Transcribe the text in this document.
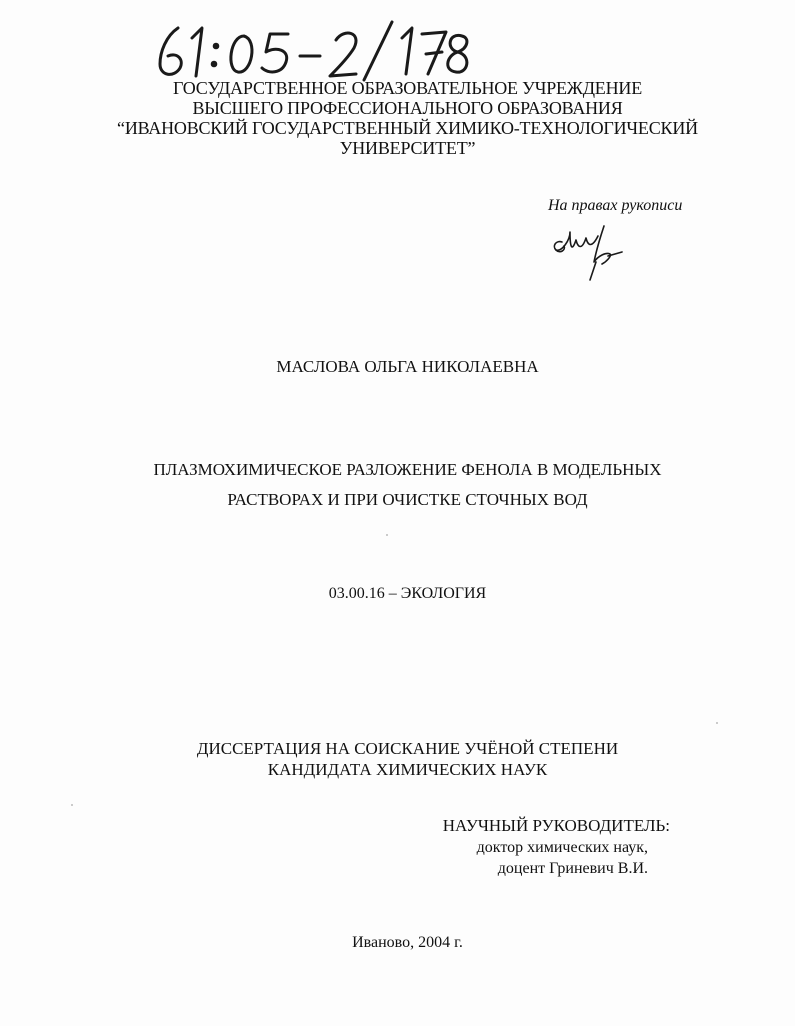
ГОСУДАРСТВЕННОЕ ОБРАЗОВАТЕЛЬНОЕ УЧРЕЖДЕНИЕ
ВЫСШЕГО ПРОФЕССИОНАЛЬНОГО ОБРАЗОВАНИЯ
“ИВАНОВСКИЙ ГОСУДАРСТВЕННЫЙ ХИМИКО-ТЕХНОЛОГИЧЕСКИЙ
УНИВЕРСИТЕТ”
На правах рукописи
МАСЛОВА ОЛЬГА НИКОЛАЕВНА
ПЛАЗМОХИМИЧЕСКОЕ РАЗЛОЖЕНИЕ ФЕНОЛА В МОДЕЛЬНЫХ
РАСТВОРАХ И ПРИ ОЧИСТКЕ СТОЧНЫХ ВОД
03.00.16 – ЭКОЛОГИЯ
ДИССЕРТАЦИЯ НА СОИСКАНИЕ УЧЁНОЙ СТЕПЕНИ
КАНДИДАТА ХИМИЧЕСКИХ НАУК
НАУЧНЫЙ РУКОВОДИТЕЛЬ:
доктор химических наук,
доцент Гриневич В.И.
Иваново, 2004 г.
